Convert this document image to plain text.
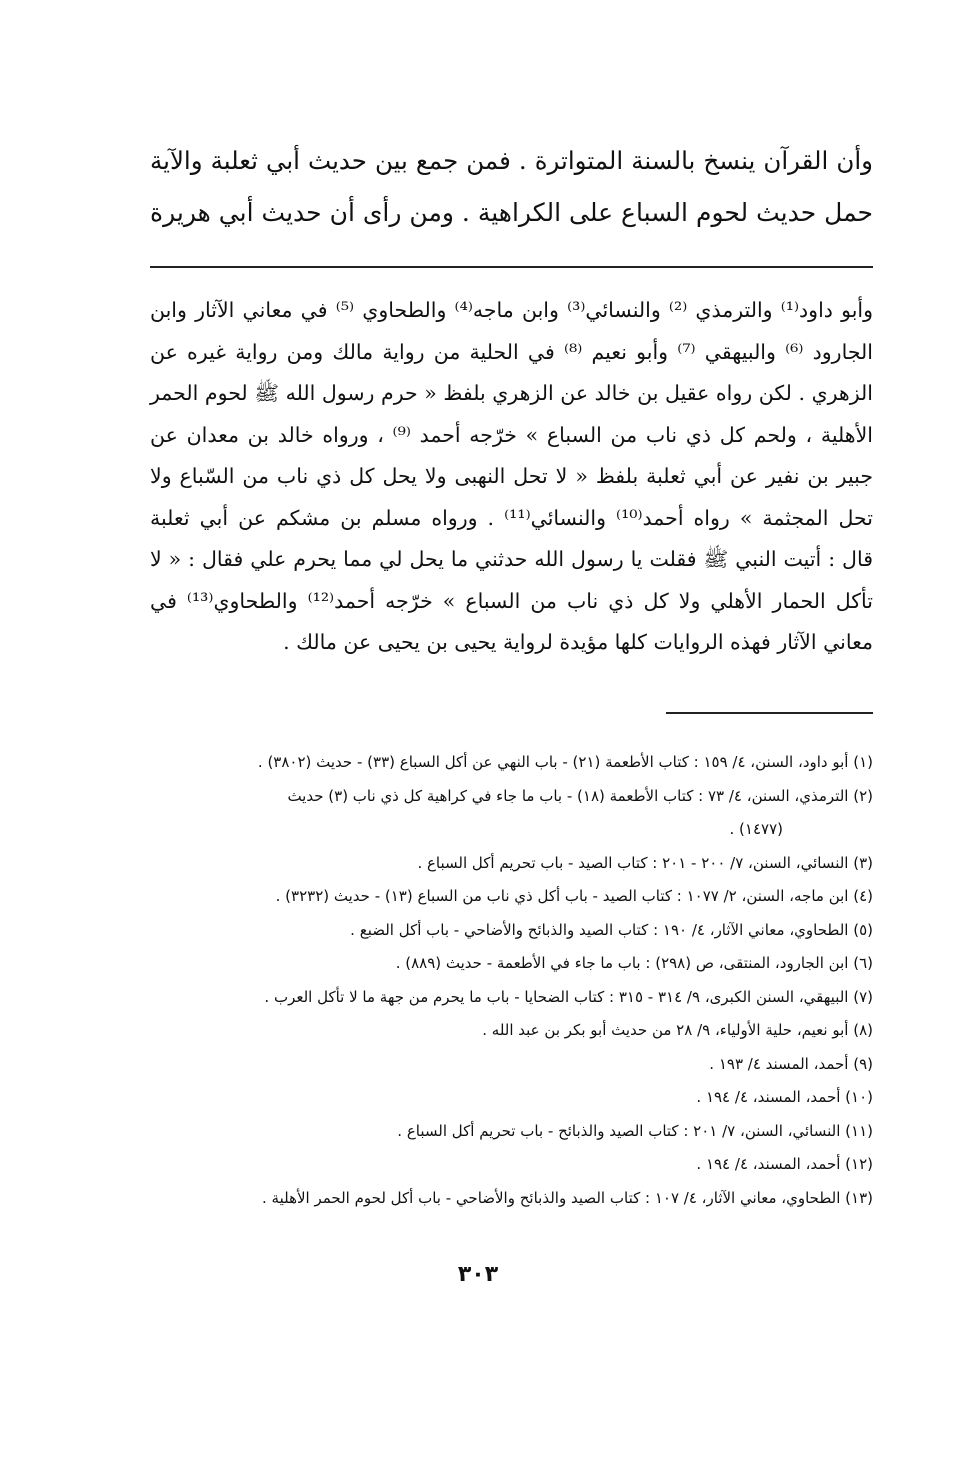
وأن القرآن ينسخ بالسنة المتواترة . فمن جمع بين حديث أبي ثعلبة والآية
حمل حديث لحوم السباع على الكراهية . ومن رأى أن حديث أبي هريرة

وأبو داود⁽¹⁾ والترمذي ⁽²⁾ والنسائي⁽³⁾ وابن ماجه⁽⁴⁾ والطحاوي ⁽⁵⁾ في معاني الآثار وابن
الجارود ⁽⁶⁾ والبيهقي ⁽⁷⁾ وأبو نعيم ⁽⁸⁾ في الحلية من رواية مالك ومن رواية غيره عن
الزهري . لكن رواه عقيل بن خالد عن الزهري بلفظ « حرم رسول الله ﷺ لحوم الحمر
الأهلية ، ولحم كل ذي ناب من السباع » خرّجه أحمد ⁽⁹⁾ ، ورواه خالد بن معدان عن
جبير بن نفير عن أبي ثعلبة بلفظ « لا تحل النهبى ولا يحل كل ذي ناب من السّباع ولا
تحل المجثمة » رواه أحمد⁽¹⁰⁾ والنسائي⁽¹¹⁾ . ورواه مسلم بن مشكم عن أبي ثعلبة
قال : أتيت النبي ﷺ فقلت يا رسول الله حدثني ما يحل لي مما يحرم علي فقال : « لا
تأكل الحمار الأهلي ولا كل ذي ناب من السباع » خرّجه أحمد⁽¹²⁾ والطحاوي⁽¹³⁾ في
معاني الآثار فهذه الروايات كلها مؤيدة لرواية يحيى بن يحيى عن مالك .

(١) أبو داود، السنن، ٤/ ١٥٩ : كتاب الأطعمة (٢١) - باب النهي عن أكل السباع (٣٣) - حديث (٣٨٠٢) .
(٢) الترمذي، السنن، ٤/ ٧٣ : كتاب الأطعمة (١٨) - باب ما جاء في كراهية كل ذي ناب (٣) حديث
(١٤٧٧) .
(٣) النسائي، السنن، ٧/ ٢٠٠ - ٢٠١ : كتاب الصيد - باب تحريم أكل السباع .
(٤) ابن ماجه، السنن، ٢/ ١٠٧٧ : كتاب الصيد - باب أكل ذي ناب من السباع (١٣) - حديث (٣٢٣٢) .
(٥) الطحاوي، معاني الآثار، ٤/ ١٩٠ : كتاب الصيد والذبائح والأضاحي - باب أكل الضبع .
(٦) ابن الجارود، المنتقى، ص (٢٩٨) : باب ما جاء في الأطعمة - حديث (٨٨٩) .
(٧) البيهقي، السنن الكبرى، ٩/ ٣١٤ - ٣١٥ : كتاب الضحايا - باب ما يحرم من جهة ما لا تأكل العرب .
(٨) أبو نعيم، حلية الأولياء، ٩/ ٢٨ من حديث أبو بكر بن عبد الله .
(٩) أحمد، المسند ٤/ ١٩٣ .
(١٠) أحمد، المسند، ٤/ ١٩٤ .
(١١) النسائي، السنن، ٧/ ٢٠١ : كتاب الصيد والذبائح - باب تحريم أكل السباع .
(١٢) أحمد، المسند، ٤/ ١٩٤ .
(١٣) الطحاوي، معاني الآثار، ٤/ ١٠٧ : كتاب الصيد والذبائح والأضاحي - باب أكل لحوم الحمر الأهلية .
٣٠٣
